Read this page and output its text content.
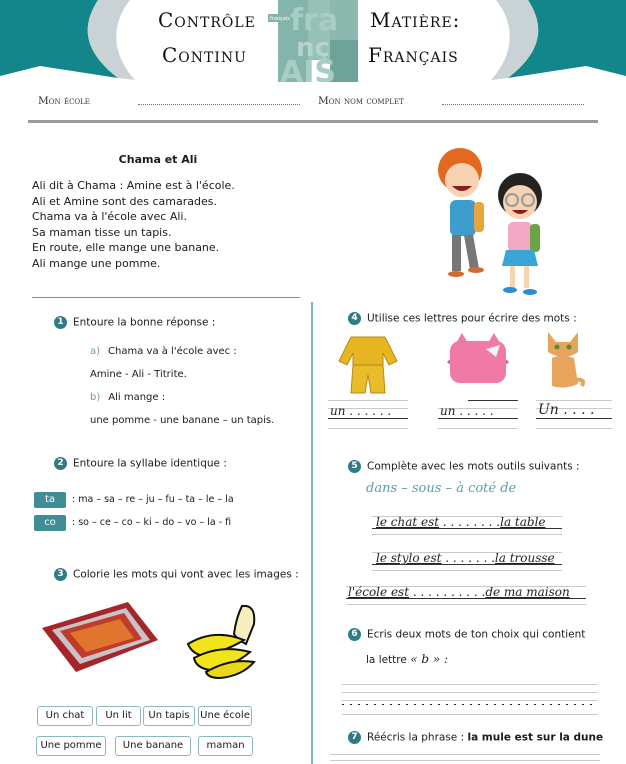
Contrôle
Continu
Matière:
Français
français fra
nç
AIS
Mon école	Mon nom complet
Chama et Ali
Ali dit à Chama : Amine est à l'école.
Ali et Amine sont des camarades.
Chama va à l'école avec Ali.
Sa maman tisse un tapis.
En route, elle mange une banane.
Ali mange une pomme.
1 Entoure la bonne réponse :
a) Chama va à l'école avec :
Amine - Ali - Titrite.
b) Ali mange :
une pomme - une banane – un tapis.
2 Entoure la syllabe identique :
ta	: ma – sa – re – ju – fu – ta – le – la
co	: so – ce – co – ki – do – vo – la - fi
3 Colorie les mots qui vont avec les images :
Un chat	Un lit	Un tapis	Une école
Une pomme	Une banane	maman
4 Utilise ces lettres pour écrire des mots :
un . . . . . .	un . . . . .	Un . . . .
5 Complète avec les mots outils suivants :
dans – sous – à coté de
le chat est . . . . . . . .la table
le stylo est . . . . . . .la trousse
l'école est . . . . . . . . . .de ma maison
6 Ecris deux mots de ton choix qui contient
la lettre « b » :
7 Réécris la phrase : la mule est sur la dune
